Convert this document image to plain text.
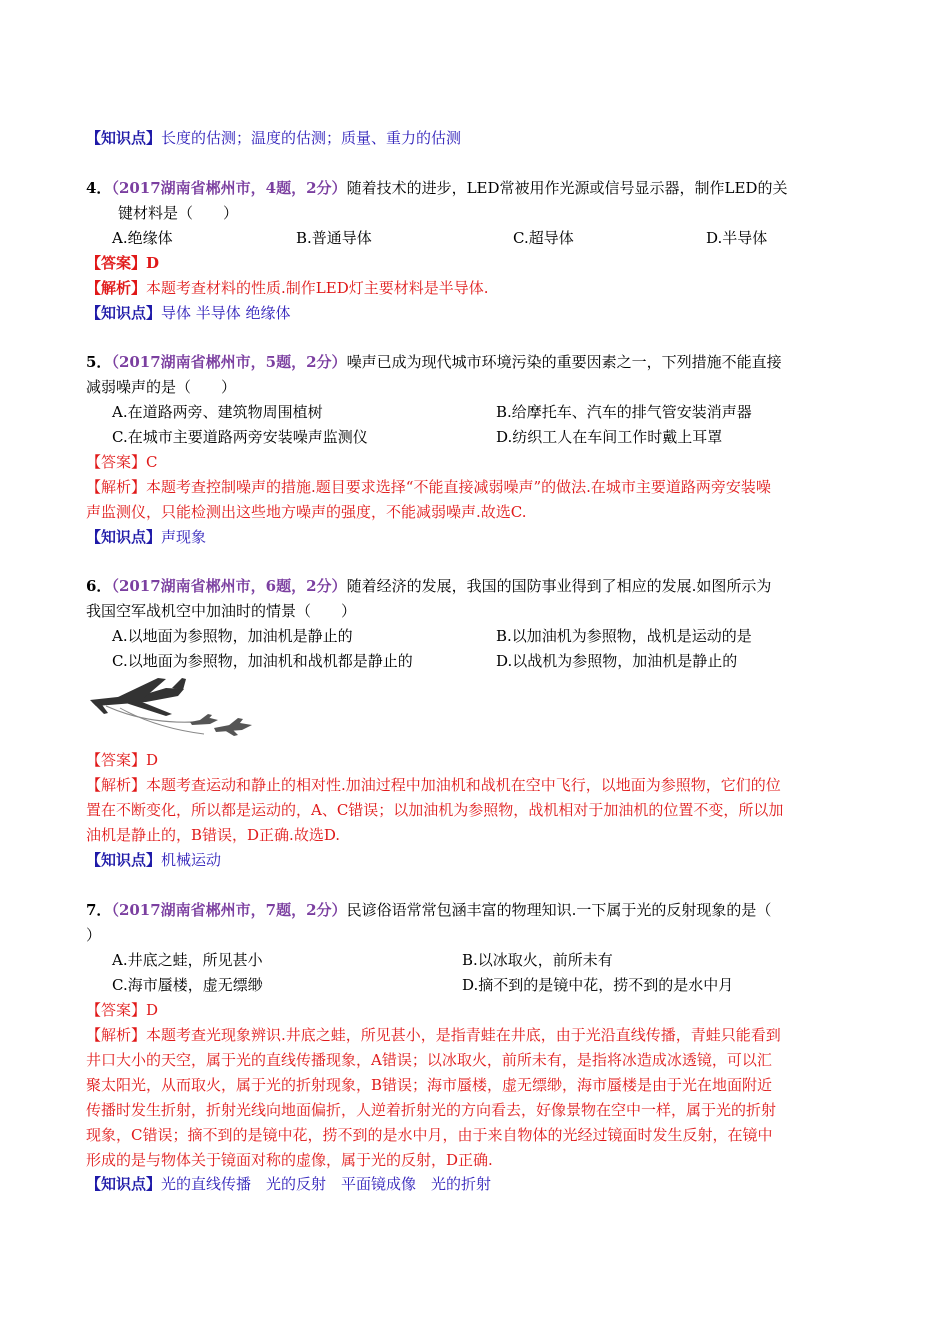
【知识点】长度的估测；温度的估测；质量、重力的估测
4．（2017湖南省郴州市，4题，2分）随着技术的进步，LED常被用作光源或信号显示器，制作LED的关
键材料是（　　）
A.绝缘体	B.普通导体	C.超导体	D.半导体
【答案】D
【解析】本题考查材料的性质.制作LED灯主要材料是半导体.
【知识点】导体 半导体 绝缘体
5．（2017湖南省郴州市，5题，2分）噪声已成为现代城市环境污染的重要因素之一，下列措施不能直接
减弱噪声的是（　　）
A.在道路两旁、建筑物周围植树	B.给摩托车、汽车的排气管安装消声器
C.在城市主要道路两旁安装噪声监测仪	D.纺织工人在车间工作时戴上耳罩
【答案】C
【解析】本题考查控制噪声的措施.题目要求选择“不能直接减弱噪声”的做法.在城市主要道路两旁安装噪
声监测仪，只能检测出这些地方噪声的强度，不能减弱噪声.故选C.
【知识点】声现象
6．（2017湖南省郴州市，6题，2分）随着经济的发展，我国的国防事业得到了相应的发展.如图所示为
我国空军战机空中加油时的情景（　　）
A.以地面为参照物，加油机是静止的	B.以加油机为参照物，战机是运动的是
C.以地面为参照物，加油机和战机都是静止的	D.以战机为参照物，加油机是静止的
【答案】D
【解析】本题考查运动和静止的相对性.加油过程中加油机和战机在空中飞行，以地面为参照物，它们的位
置在不断变化，所以都是运动的，A、C错误；以加油机为参照物，战机相对于加油机的位置不变，所以加
油机是静止的，B错误，D正确.故选D.
【知识点】机械运动
7．（2017湖南省郴州市，7题，2分）民谚俗语常常包涵丰富的物理知识.一下属于光的反射现象的是（
）
A.井底之蛙，所见甚小	B.以冰取火，前所未有
C.海市蜃楼，虚无缥缈	D.摘不到的是镜中花，捞不到的是水中月
【答案】D
【解析】本题考查光现象辨识.井底之蛙，所见甚小，是指青蛙在井底，由于光沿直线传播，青蛙只能看到
井口大小的天空，属于光的直线传播现象，A错误；以冰取火，前所未有，是指将冰造成冰透镜，可以汇
聚太阳光，从而取火，属于光的折射现象，B错误；海市蜃楼，虚无缥缈，海市蜃楼是由于光在地面附近
传播时发生折射，折射光线向地面偏折，人逆着折射光的方向看去，好像景物在空中一样，属于光的折射
现象，C错误；摘不到的是镜中花，捞不到的是水中月，由于来自物体的光经过镜面时发生反射，在镜中
形成的是与物体关于镜面对称的虚像，属于光的反射，D正确.
【知识点】光的直线传播　光的反射　平面镜成像　光的折射
